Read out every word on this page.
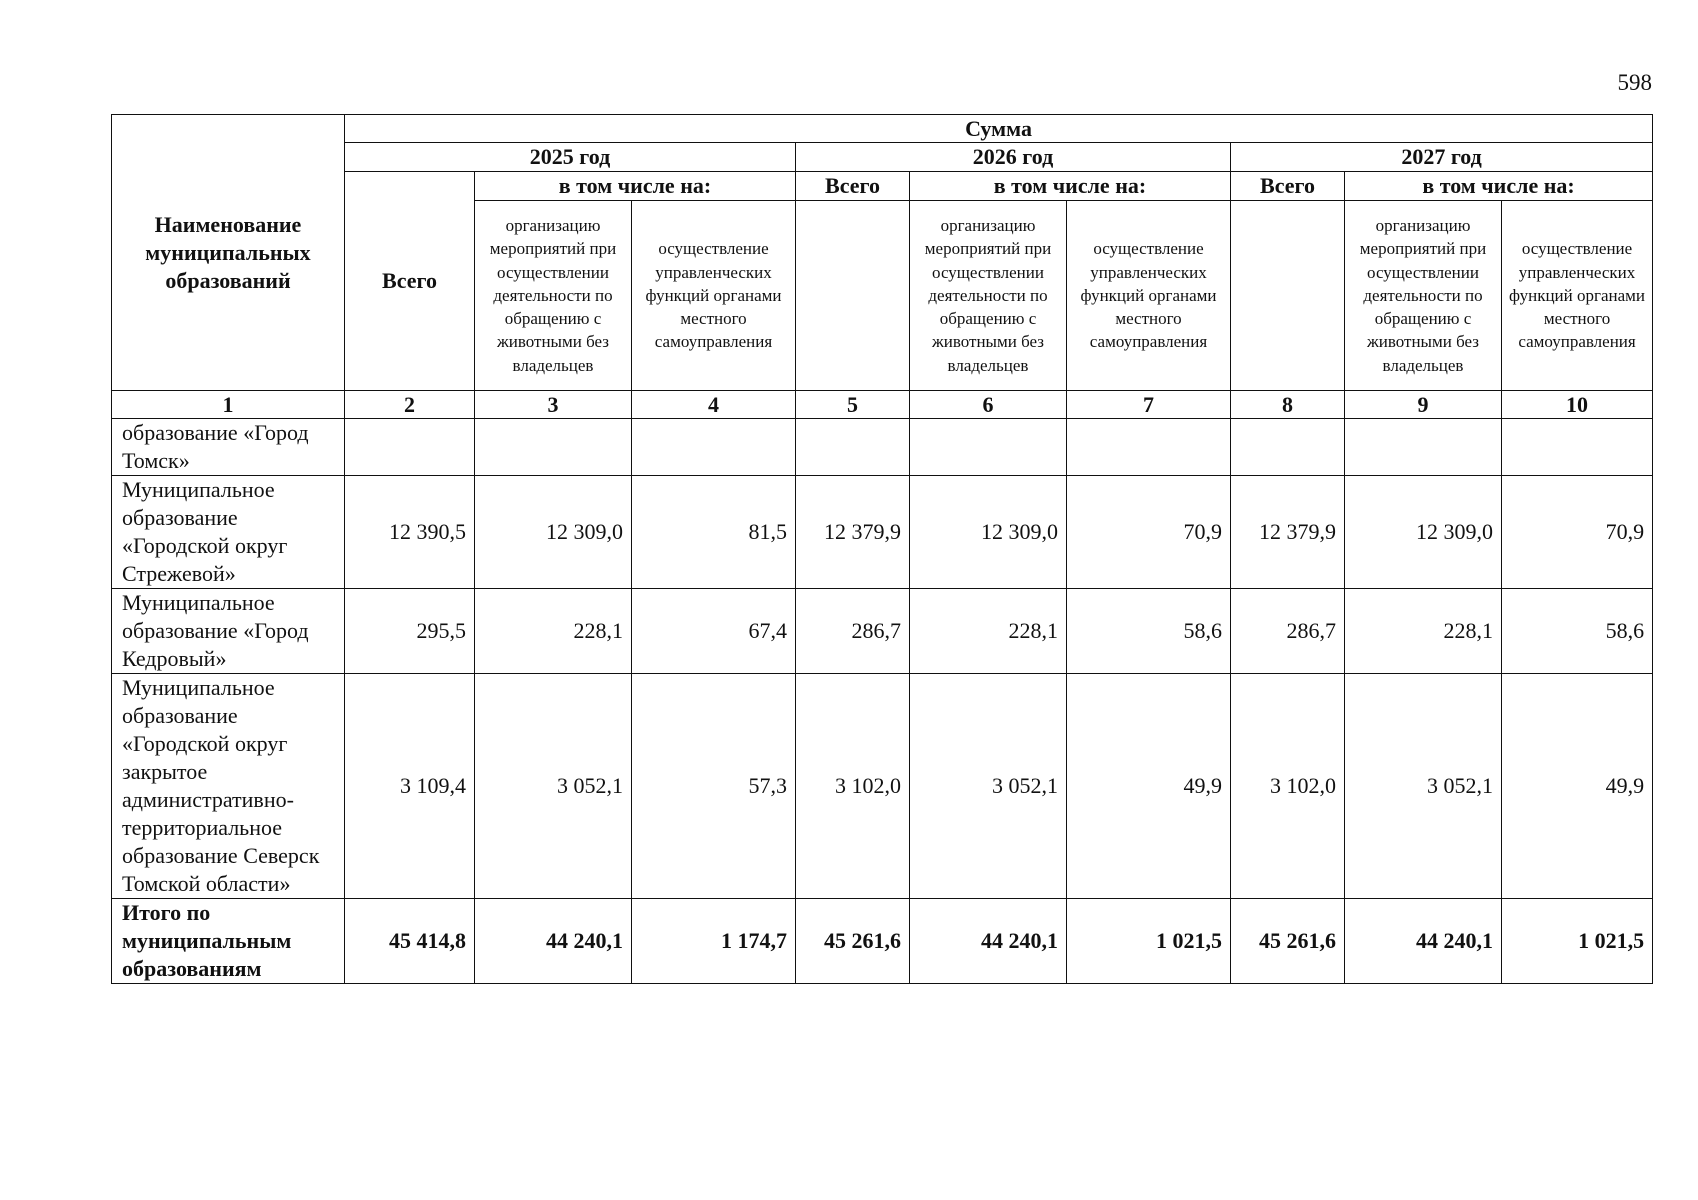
598
Наименование муниципальных образований	Сумма								
	2025 год			2026 год			2027 год		
	Всего	в том числе на:		Всего	в том числе на:		Всего	в том числе на:	
		организацию мероприятий при осуществлении деятельности по обращению с животными без владельцев	осуществление управленческих функций органами местного самоуправления		организацию мероприятий при осуществлении деятельности по обращению с животными без владельцев	осуществление управленческих функций органами местного самоуправления		организацию мероприятий при осуществлении деятельности по обращению с животными без владельцев	осуществление управленческих функций органами местного самоуправления
1	2	3	4	5	6	7	8	9	10
образование «Город Томск»									
Муниципальное образование «Городской округ Стрежевой»	12 390,5	12 309,0	81,5	12 379,9	12 309,0	70,9	12 379,9	12 309,0	70,9
Муниципальное образование «Город Кедровый»	295,5	228,1	67,4	286,7	228,1	58,6	286,7	228,1	58,6
Муниципальное образование «Городской округ закрытое административно-территориальное образование Северск Томской области»	3 109,4	3 052,1	57,3	3 102,0	3 052,1	49,9	3 102,0	3 052,1	49,9
Итого по муниципальным образованиям	45 414,8	44 240,1	1 174,7	45 261,6	44 240,1	1 021,5	45 261,6	44 240,1	1 021,5
